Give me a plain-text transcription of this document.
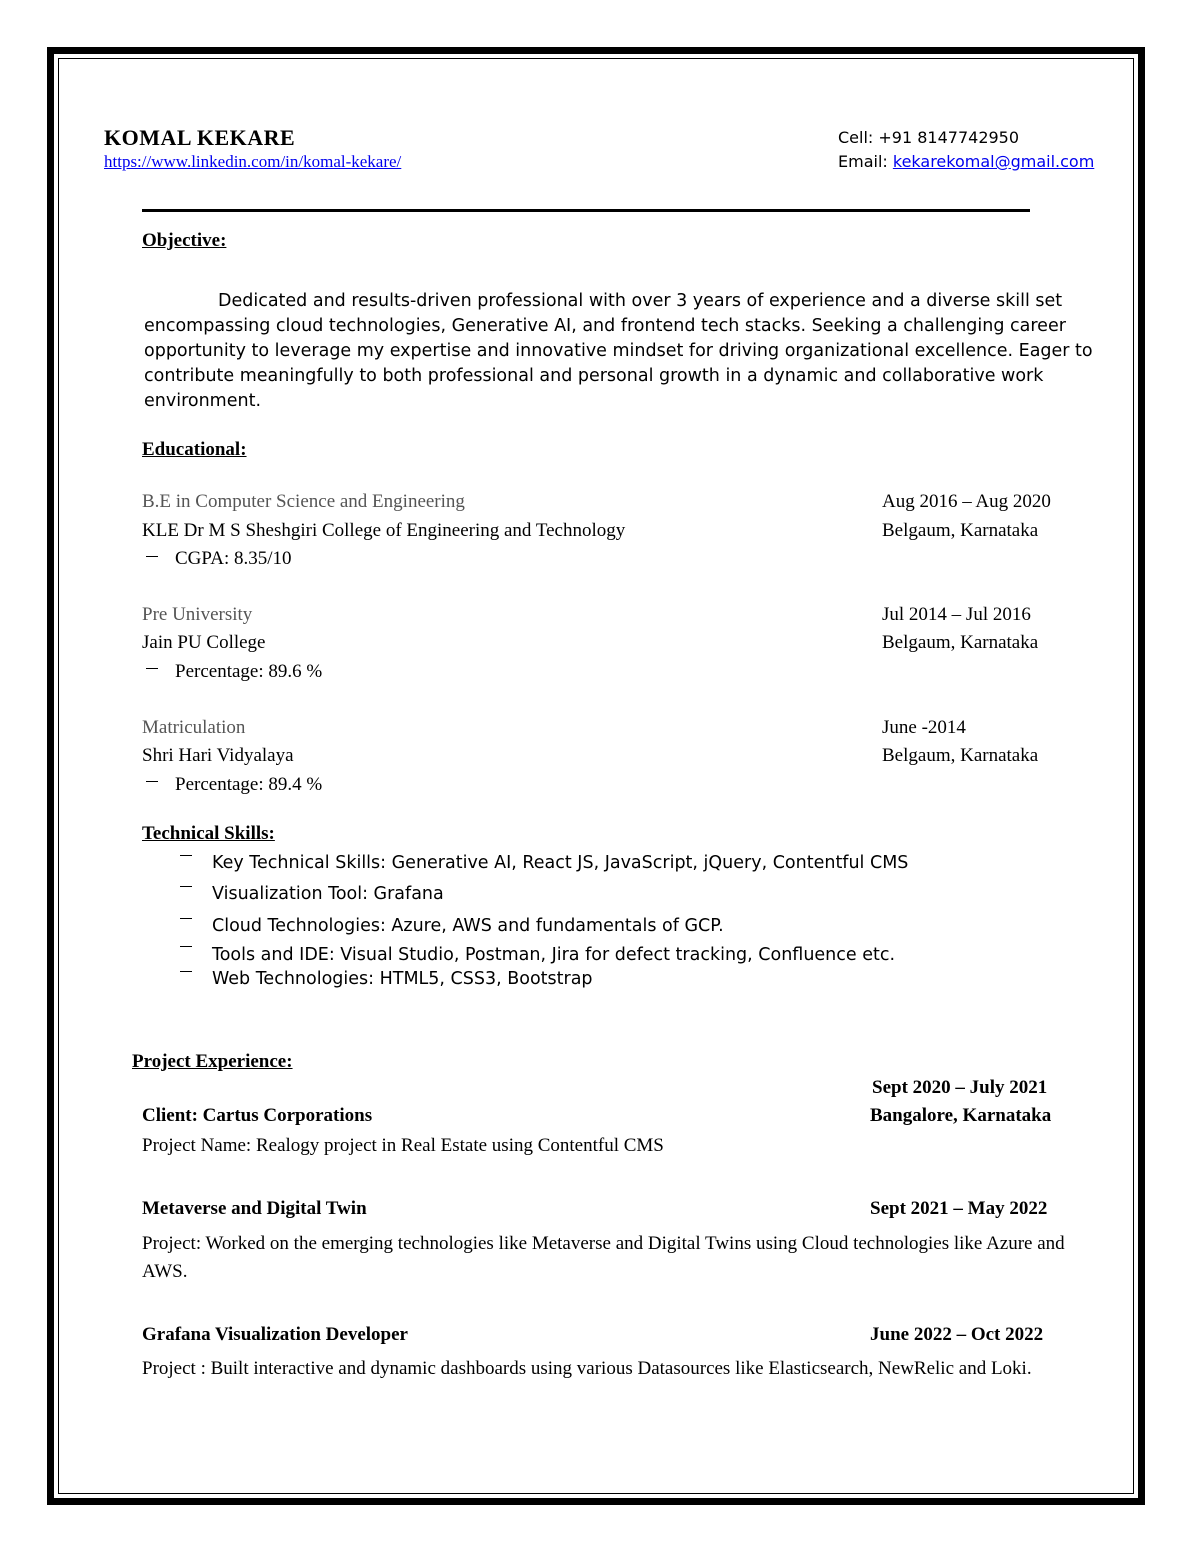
KOMAL KEKARE
https://www.linkedin.com/in/komal-kekare/
Cell: +91 8147742950
Email: kekarekomal@gmail.com
Objective:
Dedicated and results-driven professional with over 3 years of experience and a diverse skill set
encompassing cloud technologies, Generative AI, and frontend tech stacks. Seeking a challenging career
opportunity to leverage my expertise and innovative mindset for driving organizational excellence. Eager to
contribute meaningfully to both professional and personal growth in a dynamic and collaborative work
environment.
Educational:
B.E in Computer Science and Engineering	Aug 2016 – Aug 2020
KLE Dr M S Sheshgiri College of Engineering and Technology	Belgaum, Karnataka
CGPA: 8.35/10
Pre University	Jul 2014 – Jul 2016
Jain PU College	Belgaum, Karnataka
Percentage: 89.6 %
Matriculation	June -2014
Shri Hari Vidyalaya	Belgaum, Karnataka
Percentage: 89.4 %
Technical Skills:
Key Technical Skills: Generative AI, React JS, JavaScript, jQuery, Contentful CMS
Visualization Tool: Grafana
Cloud Technologies: Azure, AWS and fundamentals of GCP.
Tools and IDE: Visual Studio, Postman, Jira for defect tracking, Confluence etc.
Web Technologies: HTML5, CSS3, Bootstrap
Project Experience:
Sept 2020 – July 2021
Client: Cartus Corporations	Bangalore, Karnataka
Project Name: Realogy project in Real Estate using Contentful CMS
Metaverse and Digital Twin	Sept 2021 – May 2022
Project: Worked on the emerging technologies like Metaverse and Digital Twins using Cloud technologies like Azure and AWS.
Grafana Visualization Developer	June 2022 – Oct 2022
Project : Built interactive and dynamic dashboards using various Datasources like Elasticsearch, NewRelic and Loki.
